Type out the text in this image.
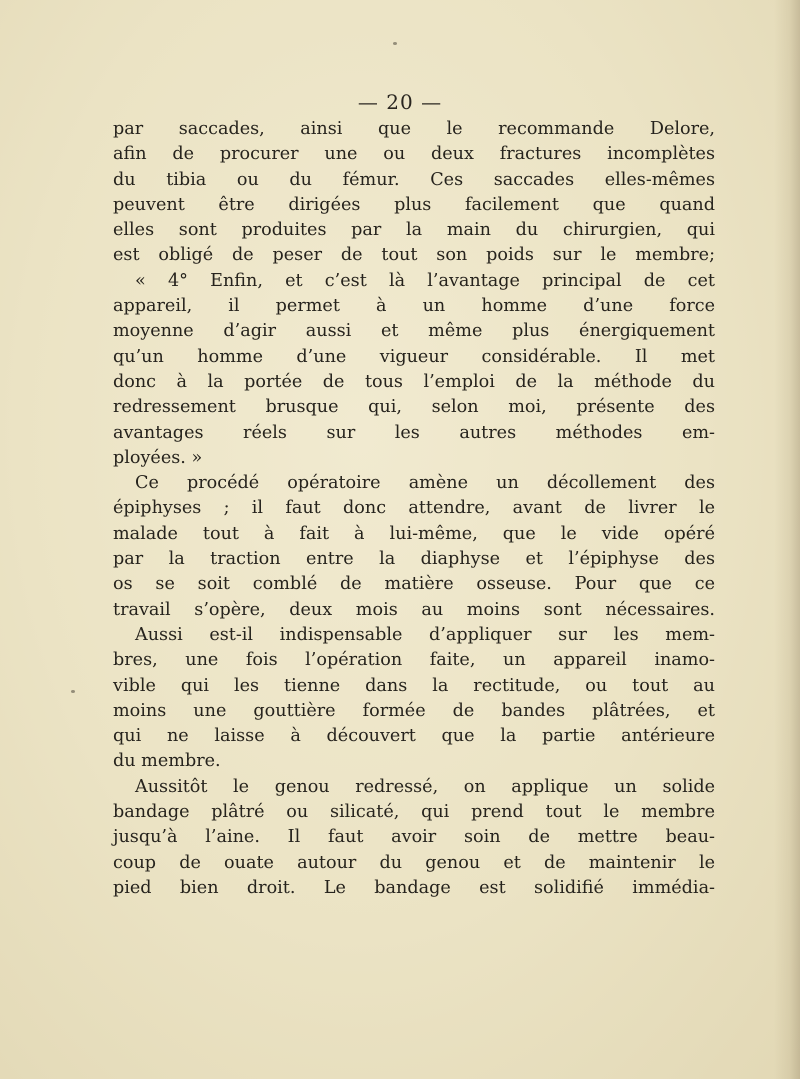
— 20 —
par saccades, ainsi que le recommande Delore,
afin de procurer une ou deux fractures incomplètes
du tibia ou du fémur. Ces saccades elles-mêmes
peuvent être dirigées plus facilement que quand
elles sont produites par la main du chirurgien, qui
est obligé de peser de tout son poids sur le membre;
« 4° Enfin, et c’est là l’avantage principal de cet
appareil, il permet à un homme d’une force
moyenne d’agir aussi et même plus énergiquement
qu’un homme d’une vigueur considérable. Il met
donc à la portée de tous l’emploi de la méthode du
redressement brusque qui, selon moi, présente des
avantages réels sur les autres méthodes em-
ployées. »
Ce procédé opératoire amène un décollement des
épiphyses ; il faut donc attendre, avant de livrer le
malade tout à fait à lui-même, que le vide opéré
par la traction entre la diaphyse et l’épiphyse des
os se soit comblé de matière osseuse. Pour que ce
travail s’opère, deux mois au moins sont nécessaires.
Aussi est-il indispensable d’appliquer sur les mem-
bres, une fois l’opération faite, un appareil inamo-
vible qui les tienne dans la rectitude, ou tout au
moins une gouttière formée de bandes plâtrées, et
qui ne laisse à découvert que la partie antérieure
du membre.
Aussitôt le genou redressé, on applique un solide
bandage plâtré ou silicaté, qui prend tout le membre
jusqu’à l’aine. Il faut avoir soin de mettre beau-
coup de ouate autour du genou et de maintenir le
pied bien droit. Le bandage est solidifié immédia-
